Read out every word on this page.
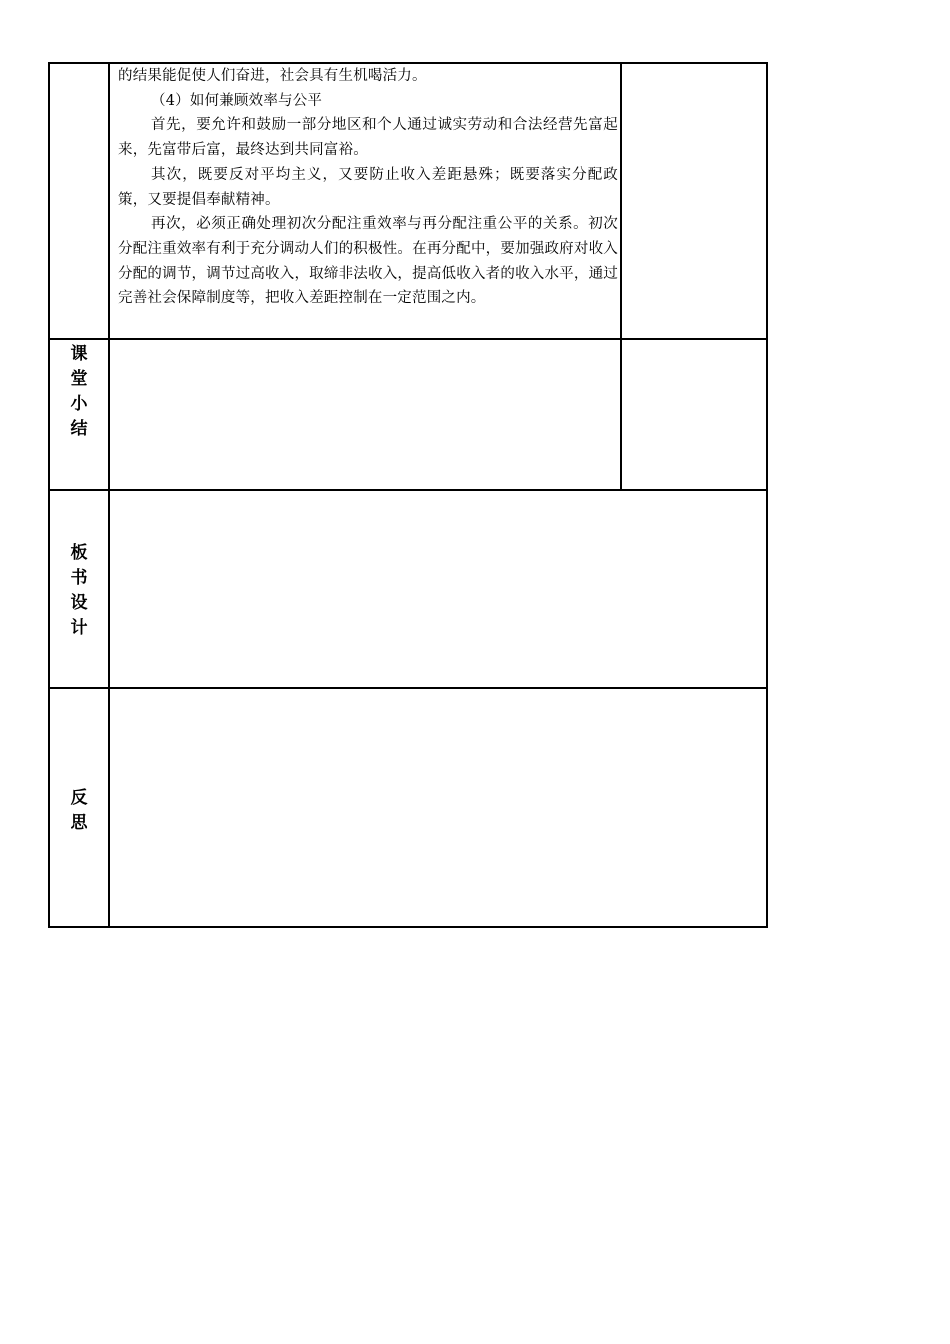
的结果能促使人们奋进，社会具有生机喝活力。

（4）如何兼顾效率与公平

首先，要允许和鼓励一部分地区和个人通过诚实劳动和合法经营先富起来，先富带后富，最终达到共同富裕。

其次，既要反对平均主义，又要防止收入差距悬殊；既要落实分配政策，又要提倡奉献精神。

再次，必须正确处理初次分配注重效率与再分配注重公平的关系。初次分配注重效率有利于充分调动人们的积极性。在再分配中，要加强政府对收入分配的调节，调节过高收入，取缔非法收入，提高低收入者的收入水平，通过完善社会保障制度等，把收入差距控制在一定范围之内。

课
堂
小
结
板
书
设
计
反
思
